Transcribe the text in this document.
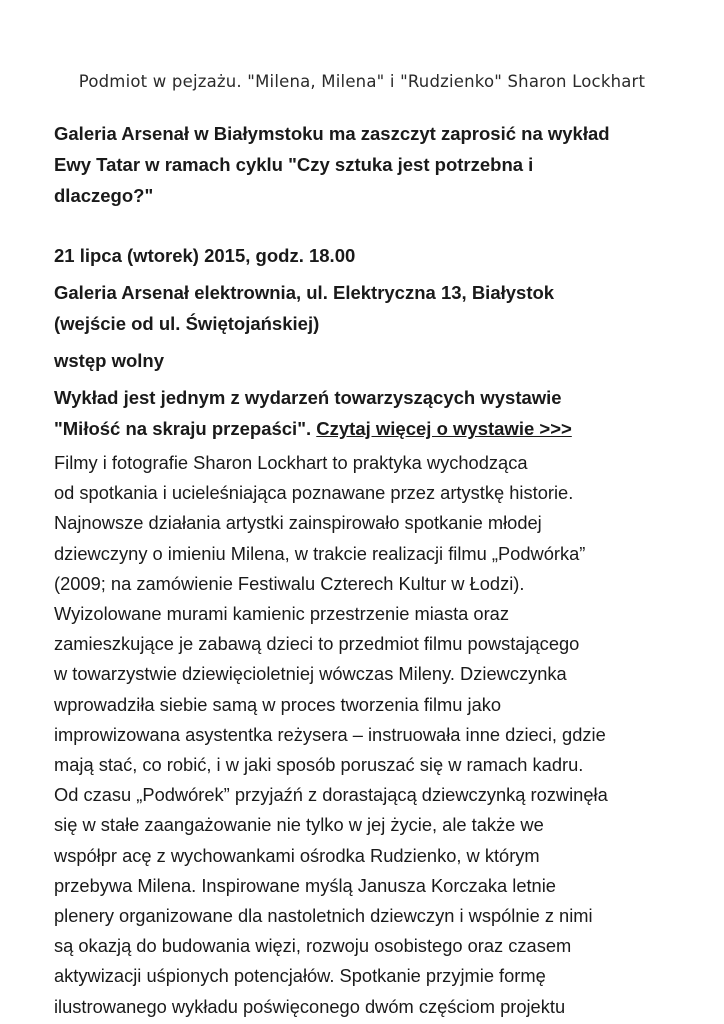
Podmiot w pejzażu. "Milena, Milena" i "Rudzienko" Sharon Lockhart
Galeria Arsenał w Białymstoku ma zaszczyt zaprosić na wykład
Ewy Tatar w ramach cyklu "Czy sztuka jest potrzebna i
dlaczego?"
21 lipca (wtorek) 2015, godz. 18.00
Galeria Arsenał elektrownia, ul. Elektryczna 13, Białystok
(wejście od ul. Świętojańskiej)
wstęp wolny
Wykład jest jednym z wydarzeń towarzyszących wystawie
"Miłość na skraju przepaści". Czytaj więcej o wystawie >>>
Filmy i fotografie Sharon Lockhart to praktyka wychodząca
od spotkania i ucieleśniająca poznawane przez artystkę historie.
Najnowsze działania artystki zainspirowało spotkanie młodej
dziewczyny o imieniu Milena, w trakcie realizacji filmu „Podwórka”
(2009; na zamówienie Festiwalu Czterech Kultur w Łodzi).
Wyizolowane murami kamienic przestrzenie miasta oraz
zamieszkujące je zabawą dzieci to przedmiot filmu powstającego
w towarzystwie dziewięcioletniej wówczas Mileny. Dziewczynka
wprowadziła siebie samą w proces tworzenia filmu jako
improwizowana asystentka reżysera – instruowała inne dzieci, gdzie
mają stać, co robić, i w jaki sposób poruszać się w ramach kadru.
Od czasu „Podwórek” przyjaźń z dorastającą dziewczynką rozwinęła
się w stałe zaangażowanie nie tylko w jej życie, ale także we
współpr acę z wychowankami ośrodka Rudzienko, w którym
przebywa Milena. Inspirowane myślą Janusza Korczaka letnie
plenery organizowane dla nastoletnich dziewczyn i wspólnie z nimi
są okazją do budowania więzi, rozwoju osobistego oraz czasem
aktywizacji uśpionych potencjałów. Spotkanie przyjmie formę
ilustrowanego wykładu poświęconego dwóm częściom projektu
